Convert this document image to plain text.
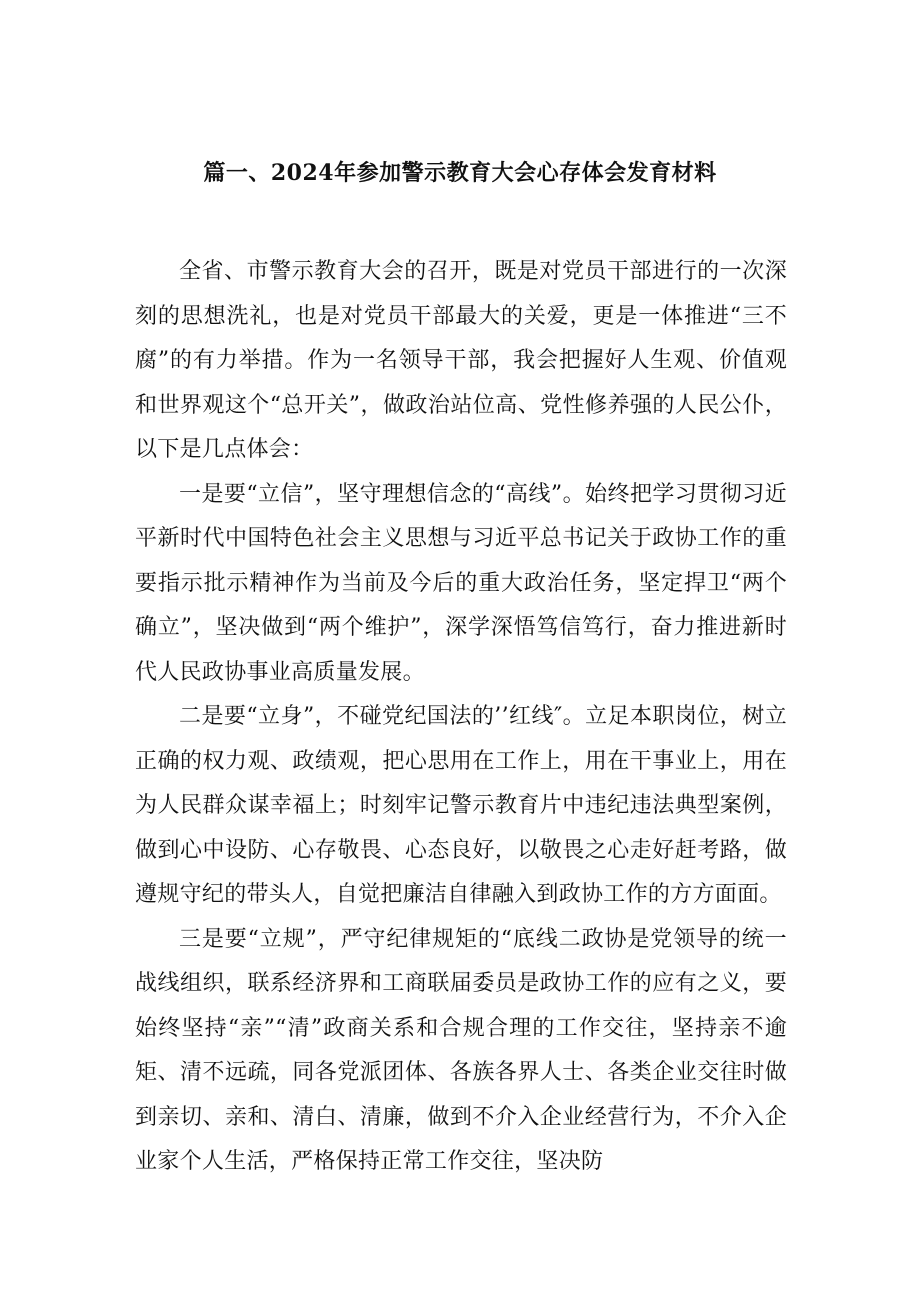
篇一、2024年参加警示教育大会心存体会发育材料

全省、市警示教育大会的召开，既是对党员干部进行的一次深刻的思想洗礼，也是对党员干部最大的关爱，更是一体推进“三不腐”的有力举措。作为一名领导干部，我会把握好人生观、价值观和世界观这个“总开关”，做政治站位高、党性修养强的人民公仆，以下是几点体会：

一是要“立信”，坚守理想信念的“高线”。始终把学习贯彻习近平新时代中国特色社会主义思想与习近平总书记关于政协工作的重要指示批示精神作为当前及今后的重大政治任务，坚定捍卫“两个确立”，坚决做到“两个维护”，深学深悟笃信笃行，奋力推进新时代人民政协事业高质量发展。

二是要“立身”，不碰党纪国法的’’红线″。立足本职岗位，树立正确的权力观、政绩观，把心思用在工作上，用在干事业上，用在为人民群众谋幸福上；时刻牢记警示教育片中违纪违法典型案例，做到心中设防、心存敬畏、心态良好，以敬畏之心走好赶考路，做遵规守纪的带头人，自觉把廉洁自律融入到政协工作的方方面面。

三是要“立规”，严守纪律规矩的“底线二政协是党领导的统一战线组织，联系经济界和工商联届委员是政协工作的应有之义，要始终坚持“亲”“清”政商关系和合规合理的工作交往，坚持亲不逾矩、清不远疏，同各党派团体、各族各界人士、各类企业交往时做到亲切、亲和、清白、清廉，做到不介入企业经营行为，不介入企业家个人生活，严格保持正常工作交往，坚决防
